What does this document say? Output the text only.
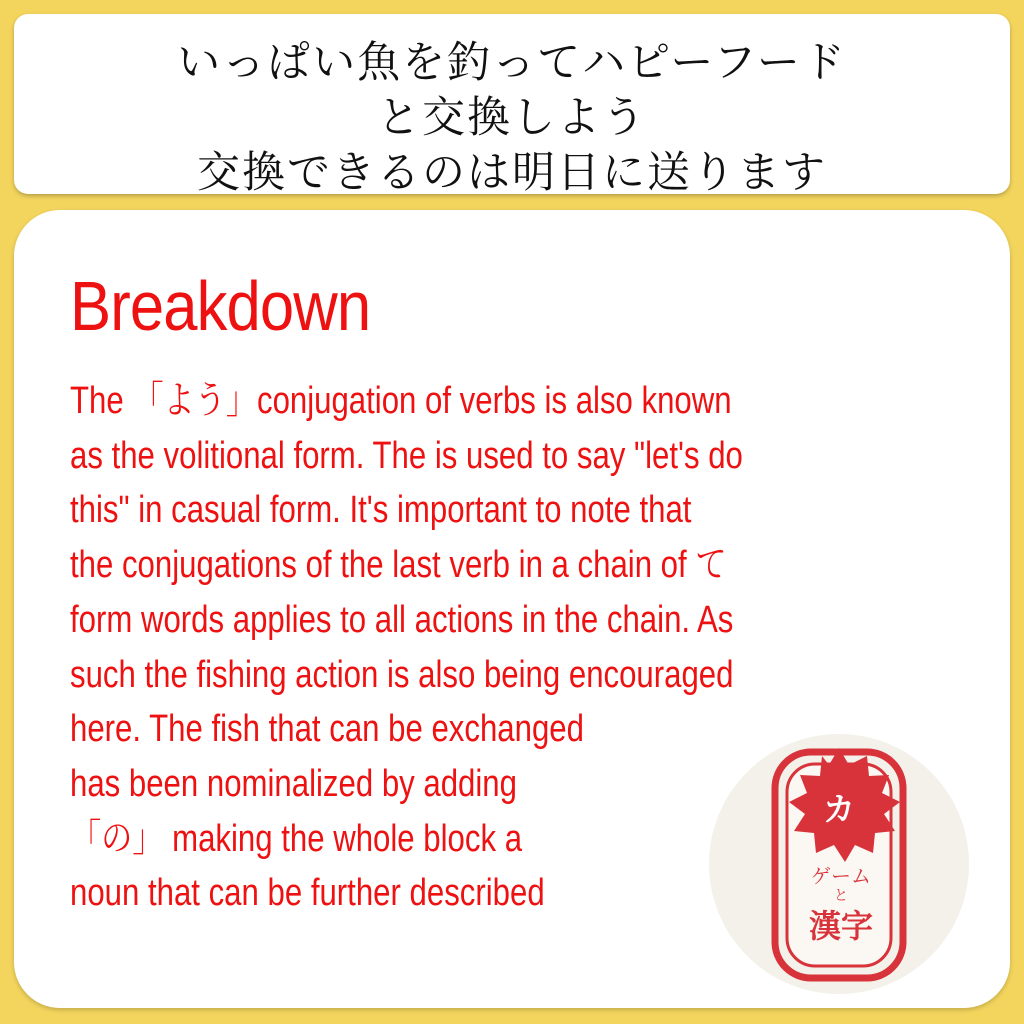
いっぱい魚を釣ってハピーフード
と交換しよう
交換できるのは明日に送ります
Breakdown
The 「よう」conjugation of verbs is also known
as the volitional form. The is used to say "let's do
this" in casual form. It's important to note that
the conjugations of the last verb in a chain of て
form words applies to all actions in the chain. As
such the fishing action is also being encouraged
here. The fish that can be exchanged
has been nominalized by adding
「の」 making the whole block a
noun that can be further described
カ
ゲーム
と
漢字
